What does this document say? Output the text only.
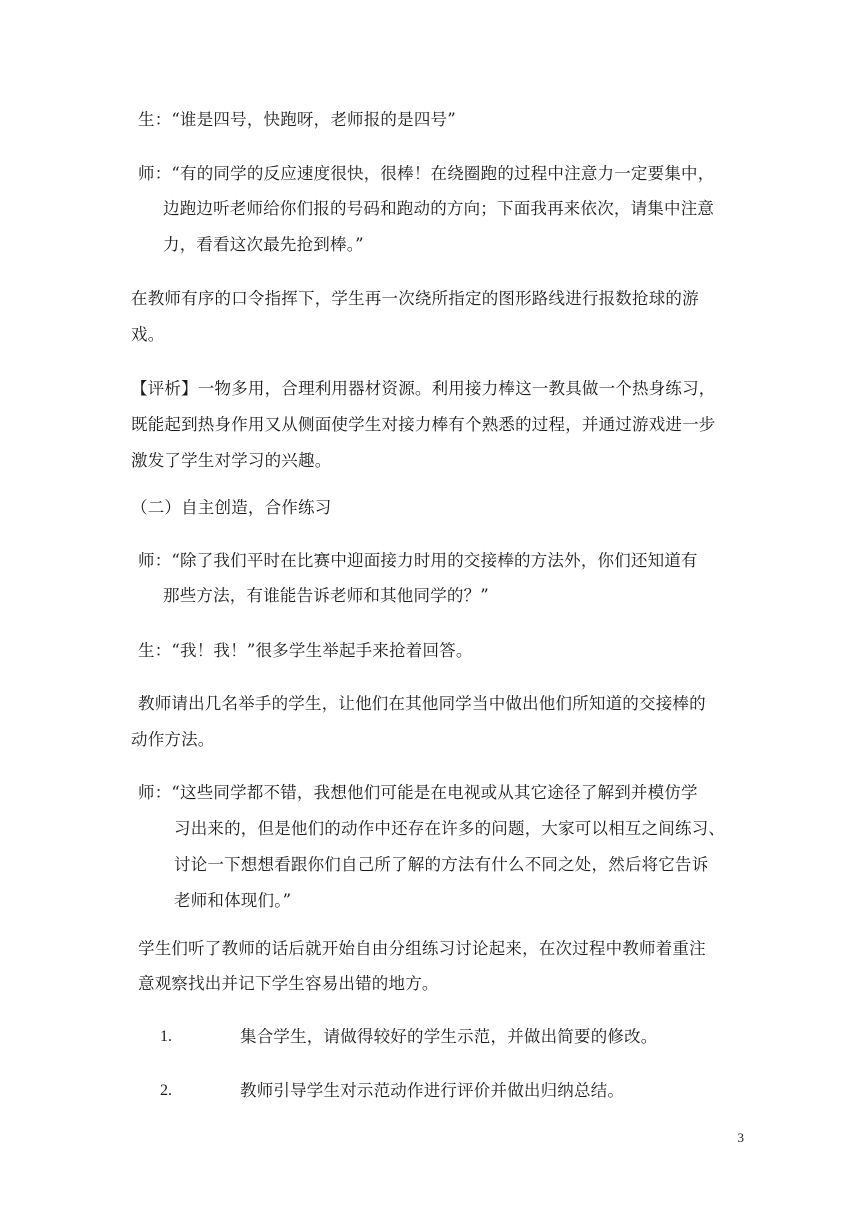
生：“谁是四号，快跑呀，老师报的是四号”
师：“有的同学的反应速度很快，很棒！在绕圈跑的过程中注意力一定要集中，
边跑边听老师给你们报的号码和跑动的方向；下面我再来依次，请集中注意
力，看看这次最先抢到棒。”
在教师有序的口令指挥下，学生再一次绕所指定的图形路线进行报数抢球的游
戏。
【评析】一物多用，合理利用器材资源。利用接力棒这一教具做一个热身练习，
既能起到热身作用又从侧面使学生对接力棒有个熟悉的过程，并通过游戏进一步
激发了学生对学习的兴趣。
（二）自主创造，合作练习
师：“除了我们平时在比赛中迎面接力时用的交接棒的方法外，你们还知道有
那些方法，有谁能告诉老师和其他同学的？”
生：“我！我！”很多学生举起手来抢着回答。
教师请出几名举手的学生，让他们在其他同学当中做出他们所知道的交接棒的
动作方法。
师：“这些同学都不错，我想他们可能是在电视或从其它途径了解到并模仿学
习出来的，但是他们的动作中还存在许多的问题，大家可以相互之间练习、
讨论一下想想看跟你们自己所了解的方法有什么不同之处，然后将它告诉
老师和体现们。”
学生们听了教师的话后就开始自由分组练习讨论起来，在次过程中教师着重注
意观察找出并记下学生容易出错的地方。
1.	集合学生，请做得较好的学生示范，并做出简要的修改。
2.	教师引导学生对示范动作进行评价并做出归纳总结。
3
